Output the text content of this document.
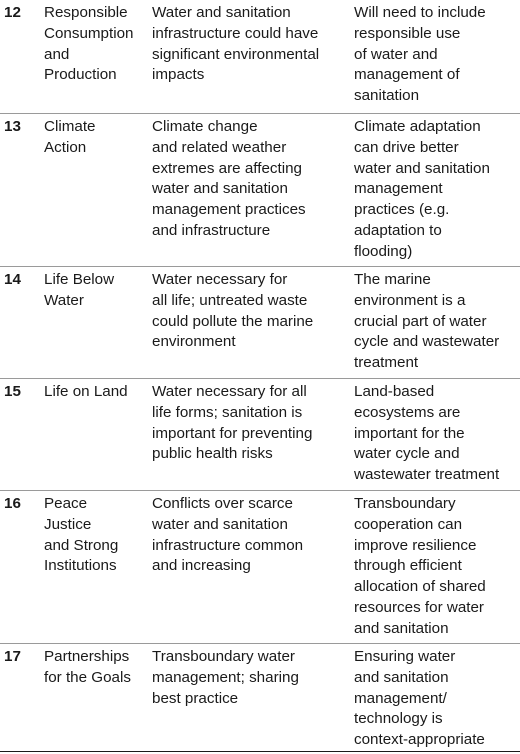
12 Responsible
Consumption
and
Production
Water and sanitation
infrastructure could have
significant environmental
impacts
Will need to include
responsible use
of water and
management of
sanitation
13 Climate
Action
Climate change
and related weather
extremes are affecting
water and sanitation
management practices
and infrastructure
Climate adaptation
can drive better
water and sanitation
management
practices (e.g.
adaptation to
flooding)
14 Life Below
Water
Water necessary for
all life; untreated waste
could pollute the marine
environment
The marine
environment is a
crucial part of water
cycle and wastewater
treatment
15 Life on Land Water necessary for all
life forms; sanitation is
important for preventing
public health risks
Land-based
ecosystems are
important for the
water cycle and
wastewater treatment
16 Peace
Justice
and Strong
Institutions
Conflicts over scarce
water and sanitation
infrastructure common
and increasing
Transboundary
cooperation can
improve resilience
through efficient
allocation of shared
resources for water
and sanitation
17 Partnerships
for the Goals
Transboundary water
management; sharing
best practice
Ensuring water
and sanitation
management/
technology is
context-appropriate
